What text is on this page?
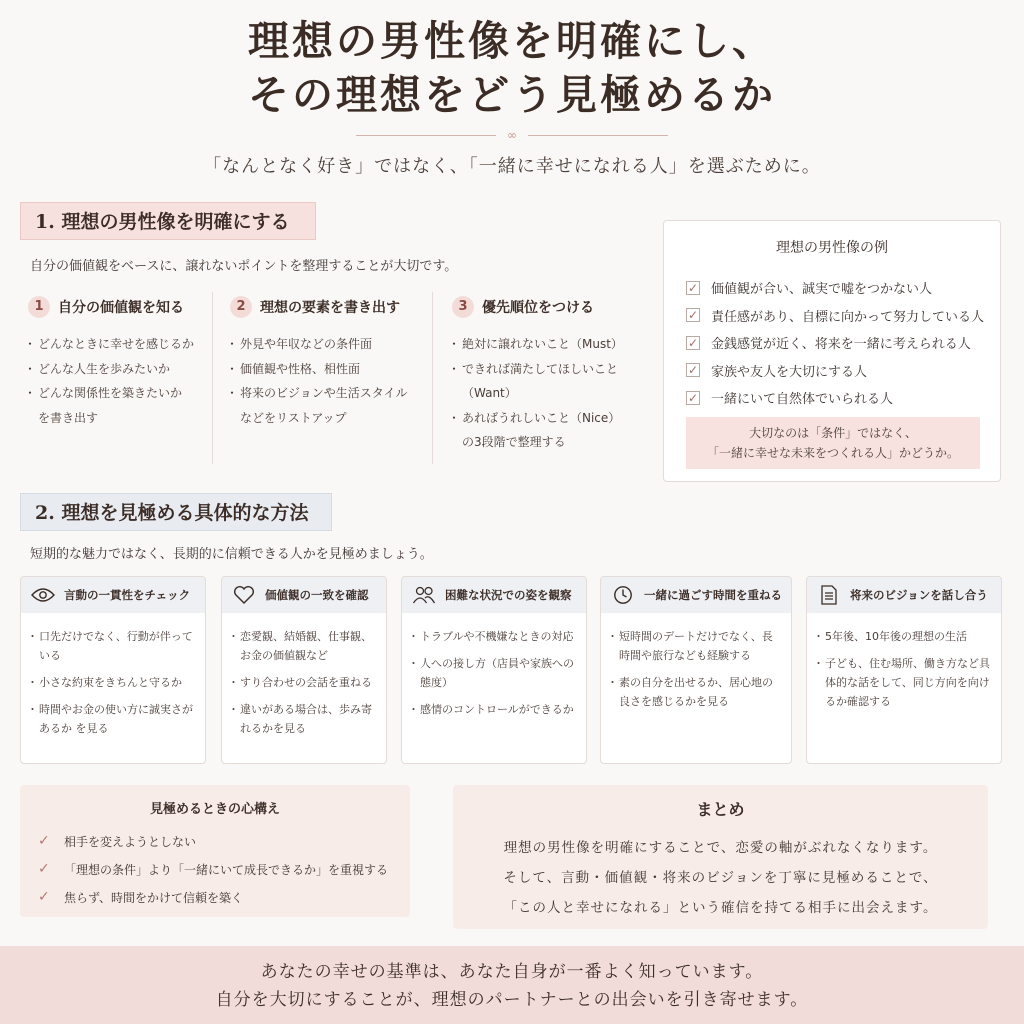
理想の男性像を明確にし、
その理想をどう見極めるか
∞
「なんとなく好き」ではなく、「一緒に幸せになれる人」を選ぶために。
1. 理想の男性像を明確にする
自分の価値観をベースに、譲れないポイントを整理することが大切です。
1	自分の価値観を知る
・ どんなときに幸せを感じるか
・ どんな人生を歩みたいか
・ どんな関係性を築きたいか
を書き出す
2	理想の要素を書き出す
・ 外見や年収などの条件面
・ 価値観や性格、相性面
・ 将来のビジョンや生活スタイル
などをリストアップ
3	優先順位をつける
・ 絶対に譲れないこと（Must）
・ できれば満たしてほしいこと（Want）
・ あればうれしいこと（Nice）
の3段階で整理する
理想の男性像の例
✓ 価値観が合い、誠実で嘘をつかない人
✓ 責任感があり、自標に向かって努力している人
✓ 金銭感覚が近く、将来を一緒に考えられる人
✓ 家族や友人を大切にする人
✓ 一緒にいて自然体でいられる人
大切なのは「条件」ではなく、
「一緒に幸せな未来をつくれる人」かどうか。
2. 理想を見極める具体的な方法
短期的な魅力ではなく、長期的に信頼できる人かを見極めましょう。
言動の一貫性をチェック
・ 口先だけでなく、行動が伴っている
・ 小さな約束をきちんと守るか
・ 時間やお金の使い方に誠実さがあるか を見る
価値観の一致を確認
・ 恋愛観、結婚観、仕事観、お金の価値観など
・ すり合わせの会話を重ねる
・ 違いがある場合は、歩み寄れるかを見る
困難な状況での姿を観察
・ トラブルや不機嫌なときの対応
・ 人への接し方（店員や家族への態度）
・ 感情のコントロールができるか
一緒に過ごす時間を重ねる
・ 短時間のデートだけでなく、長時間や旅行なども経験する
・ 素の自分を出せるか、居心地の良さを感じるかを見る
将来のビジョンを話し合う
・ 5年後、10年後の理想の生活
・ 子ども、住む場所、働き方など具体的な話をして、同じ方向を向けるか確認する
見極めるときの心構え
✓	相手を変えようとしない
✓	「理想の条件」より「一緒にいて成長できるか」を重視する
✓	焦らず、時間をかけて信頼を築く
まとめ
理想の男性像を明確にすることで、恋愛の軸がぶれなくなります。
そして、言動・価値観・将来のビジョンを丁寧に見極めることで、
「この人と幸せになれる」という確信を持てる相手に出会えます。
あなたの幸せの基準は、あなた自身が一番よく知っています。
自分を大切にすることが、理想のパートナーとの出会いを引き寄せます。
